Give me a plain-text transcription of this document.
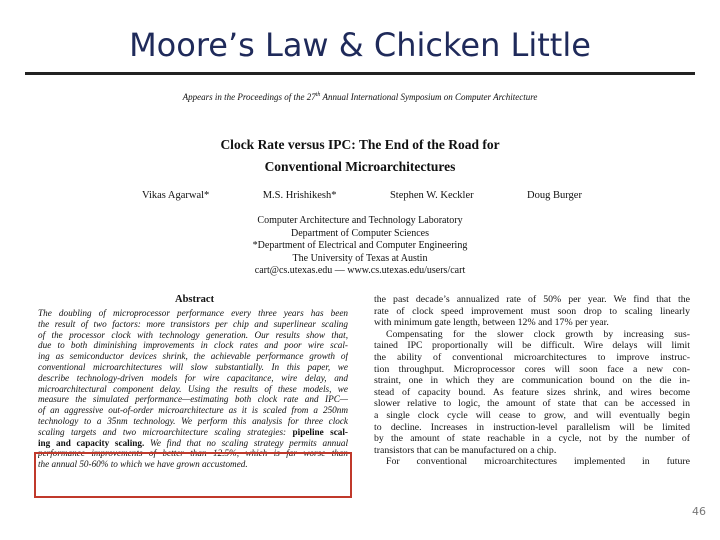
Moore’s Law & Chicken Little
Appears in the Proceedings of the 27th Annual International Symposium on Computer Architecture
Clock Rate versus IPC: The End of the Road for
Conventional Microarchitectures
Vikas Agarwal*	M.S. Hrishikesh*	Stephen W. Keckler	Doug Burger
Computer Architecture and Technology Laboratory
Department of Computer Sciences
*Department of Electrical and Computer Engineering
The University of Texas at Austin
cart@cs.utexas.edu — www.cs.utexas.edu/users/cart
Abstract
The doubling of microprocessor performance every three years has been
the result of two factors: more transistors per chip and superlinear scaling
of the processor clock with technology generation. Our results show that,
due to both diminishing improvements in clock rates and poor wire scal-
ing as semiconductor devices shrink, the achievable performance growth of
conventional microarchitectures will slow substantially. In this paper, we
describe technology-driven models for wire capacitance, wire delay, and
microarchitectural component delay. Using the results of these models, we
measure the simulated performance—estimating both clock rate and IPC—
of an aggressive out-of-order microarchitecture as it is scaled from a 250nm
technology to a 35nm technology. We perform this analysis for three clock
scaling targets and two microarchitecture scaling strategies: pipeline scal-
ing and capacity scaling. We find that no scaling strategy permits annual
performance improvements of better than 12.5%, which is far worse than
the annual 50-60% to which we have grown accustomed.
the past decade’s annualized rate of 50% per year. We find that the
rate of clock speed improvement must soon drop to scaling linearly
with minimum gate length, between 12% and 17% per year.
Compensating for the slower clock growth by increasing sus-
tained IPC proportionally will be difficult. Wire delays will limit
the ability of conventional microarchitectures to improve instruc-
tion throughput. Microprocessor cores will soon face a new con-
straint, one in which they are communication bound on the die in-
stead of capacity bound. As feature sizes shrink, and wires become
slower relative to logic, the amount of state that can be accessed in
a single clock cycle will cease to grow, and will eventually begin
to decline. Increases in instruction-level parallelism will be limited
by the amount of state reachable in a cycle, not by the number of
transistors that can be manufactured on a chip.
For conventional microarchitectures implemented in future
46
